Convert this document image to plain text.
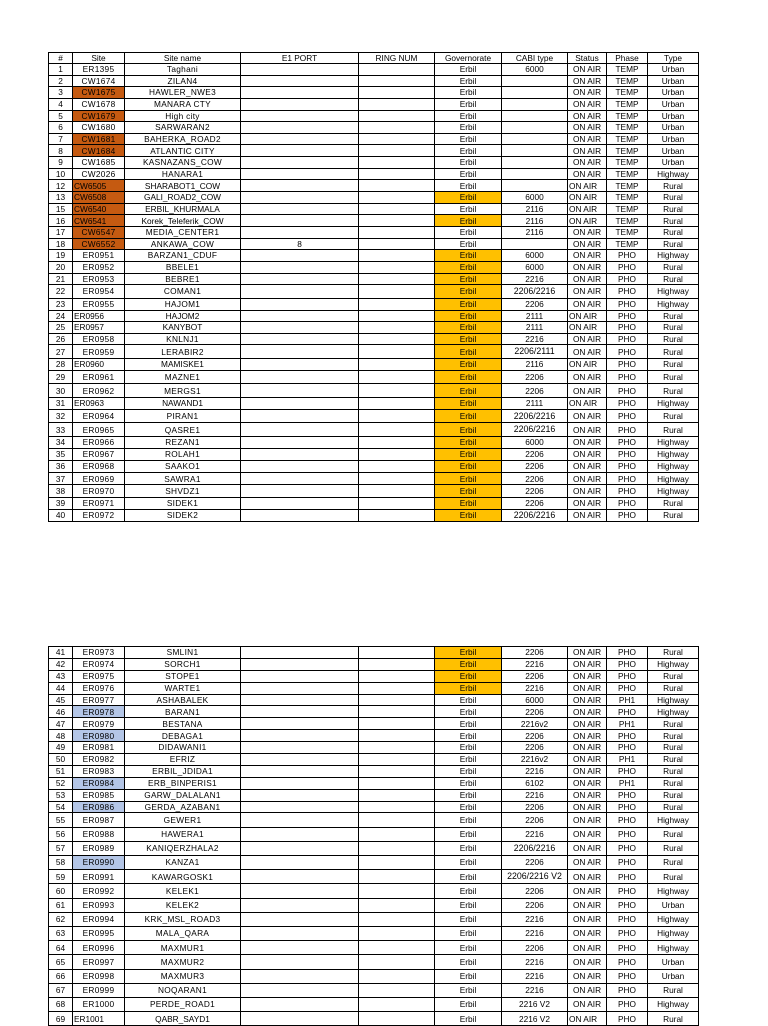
#	Site	Site name	E1 PORT	RING NUM	Governorate	CABI type	Status	Phase	Type
1	ER1395	Taghani			Erbil	6000	ON AIR	TEMP	Urban
2	CW1674	ZILAN4			Erbil		ON AIR	TEMP	Urban
3	CW1675	HAWLER_NWE3			Erbil		ON AIR	TEMP	Urban
4	CW1678	MANARA CTY			Erbil		ON AIR	TEMP	Urban
5	CW1679	High city			Erbil		ON AIR	TEMP	Urban
6	CW1680	SARWARAN2			Erbil		ON AIR	TEMP	Urban
7	CW1681	BAHERKA_ROAD2			Erbil		ON AIR	TEMP	Urban
8	CW1684	ATLANTIC CITY			Erbil		ON AIR	TEMP	Urban
9	CW1685	KASNAZANS_COW			Erbil		ON AIR	TEMP	Urban
10	CW2026	HANARA1			Erbil		ON AIR	TEMP	Highway
12	CW6505	SHARABOT1_COW			Erbil		ON AIR	TEMP	Rural
13	CW6508	GALI_ROAD2_COW			Erbil	6000	ON AIR	TEMP	Rural
15	CW6540	ERBIL_KHURMALA			Erbil	2116	ON AIR	TEMP	Rural
16	CW6541	Korek_Teleferik_COW			Erbil	2116	ON AIR	TEMP	Rural
17	CW6547	MEDIA_CENTER1			Erbil	2116	ON AIR	TEMP	Rural
18	CW6552	ANKAWA_COW	8		Erbil		ON AIR	TEMP	Rural
19	ER0951	BARZAN1_CDUF			Erbil	6000	ON AIR	PHO	Highway
20	ER0952	BBELE1			Erbil	6000	ON AIR	PHO	Rural
21	ER0953	BEBRE1			Erbil	2216	ON AIR	PHO	Rural
22	ER0954	COMAN1			Erbil	2206/2216	ON AIR	PHO	Highway
23	ER0955	HAJOM1			Erbil	2206	ON AIR	PHO	Highway
24	ER0956	HAJOM2			Erbil	2111	ON AIR	PHO	Rural
25	ER0957	KANYBOT			Erbil	2111	ON AIR	PHO	Rural
26	ER0958	KNLNJ1			Erbil	2216	ON AIR	PHO	Rural
27	ER0959	LERABIR2			Erbil	2206/2111	ON AIR	PHO	Rural
28	ER0960	MAMISKE1			Erbil	2116	ON AIR	PHO	Rural
29	ER0961	MAZNE1			Erbil	2206	ON AIR	PHO	Rural
30	ER0962	MERGS1			Erbil	2206	ON AIR	PHO	Rural
31	ER0963	NAWAND1			Erbil	2111	ON AIR	PHO	Highway
32	ER0964	PIRAN1			Erbil	2206/2216	ON AIR	PHO	Rural
33	ER0965	QASRE1			Erbil	2206/2216	ON AIR	PHO	Rural
34	ER0966	REZAN1			Erbil	6000	ON AIR	PHO	Highway
35	ER0967	ROLAH1			Erbil	2206	ON AIR	PHO	Highway
36	ER0968	SAAKO1			Erbil	2206	ON AIR	PHO	Highway
37	ER0969	SAWRA1			Erbil	2206	ON AIR	PHO	Highway
38	ER0970	SHVDZ1			Erbil	2206	ON AIR	PHO	Highway
39	ER0971	SIDEK1			Erbil	2206	ON AIR	PHO	Rural
40	ER0972	SIDEK2			Erbil	2206/2216	ON AIR	PHO	Rural
41	ER0973	SMLIN1			Erbil	2206	ON AIR	PHO	Rural
42	ER0974	SORCH1			Erbil	2216	ON AIR	PHO	Highway
43	ER0975	STOPE1			Erbil	2206	ON AIR	PHO	Rural
44	ER0976	WARTE1			Erbil	2216	ON AIR	PHO	Rural
45	ER0977	ASHABALEK			Erbil	6000	ON AIR	PH1	Highway
46	ER0978	BARAN1			Erbil	2206	ON AIR	PHO	Highway
47	ER0979	BESTANA			Erbil	2216v2	ON AIR	PH1	Rural
48	ER0980	DEBAGA1			Erbil	2206	ON AIR	PHO	Rural
49	ER0981	DIDAWANI1			Erbil	2206	ON AIR	PHO	Rural
50	ER0982	EFRIZ			Erbil	2216v2	ON AIR	PH1	Rural
51	ER0983	ERBIL_JDIDA1			Erbil	2216	ON AIR	PHO	Rural
52	ER0984	ERB_BINPERIS1			Erbil	6102	ON AIR	PH1	Rural
53	ER0985	GARW_DALALAN1			Erbil	2216	ON AIR	PHO	Rural
54	ER0986	GERDA_AZABAN1			Erbil	2206	ON AIR	PHO	Rural
55	ER0987	GEWER1			Erbil	2206	ON AIR	PHO	Highway
56	ER0988	HAWERA1			Erbil	2216	ON AIR	PHO	Rural
57	ER0989	KANIQERZHALA2			Erbil	2206/2216	ON AIR	PHO	Rural
58	ER0990	KANZA1			Erbil	2206	ON AIR	PHO	Rural
59	ER0991	KAWARGOSK1			Erbil	2206/2216 V2	ON AIR	PHO	Rural
60	ER0992	KELEK1			Erbil	2206	ON AIR	PHO	Highway
61	ER0993	KELEK2			Erbil	2206	ON AIR	PHO	Urban
62	ER0994	KRK_MSL_ROAD3			Erbil	2216	ON AIR	PHO	Highway
63	ER0995	MALA_QARA			Erbil	2216	ON AIR	PHO	Highway
64	ER0996	MAXMUR1			Erbil	2206	ON AIR	PHO	Highway
65	ER0997	MAXMUR2			Erbil	2216	ON AIR	PHO	Urban
66	ER0998	MAXMUR3			Erbil	2216	ON AIR	PHO	Urban
67	ER0999	NOQARAN1			Erbil	2216	ON AIR	PHO	Rural
68	ER1000	PERDE_ROAD1			Erbil	2216 V2	ON AIR	PHO	Highway
69	ER1001	QABR_SAYD1			Erbil	2216 V2	ON AIR	PHO	Rural
